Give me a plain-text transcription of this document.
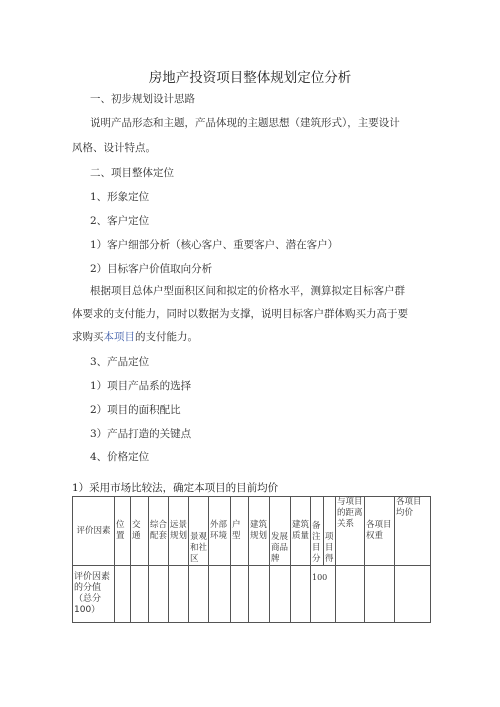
房地产投资项目整体规划定位分析
一、初步规划设计思路
说明产品形态和主题，产品体现的主题思想（建筑形式），主要设计
风格、设计特点。
二、项目整体定位
1、形象定位
2、客户定位
1）客户细部分析（核心客户、重要客户、潜在客户）
2）目标客户价值取向分析
根据项目总体户型面积区间和拟定的价格水平，测算拟定目标客户群
体要求的支付能力，同时以数据为支撑，说明目标客户群体购买力高于要
求购买本项目的支付能力。
3、产品定位
1）项目产品系的选择
2）项目的面积配比
3）产品打造的关键点
4、价格定位
1）采用市场比较法，确定本项目的目前均价
评价因素	位置	交通	综合配套	远景规划	景观和社区	外部环境	户型	建筑规划	发展商品牌	建筑质量	备注目分	项目得	与项目的距离关系	各项目权重	各项目均价
评价因素的分值（总分100）											100				
